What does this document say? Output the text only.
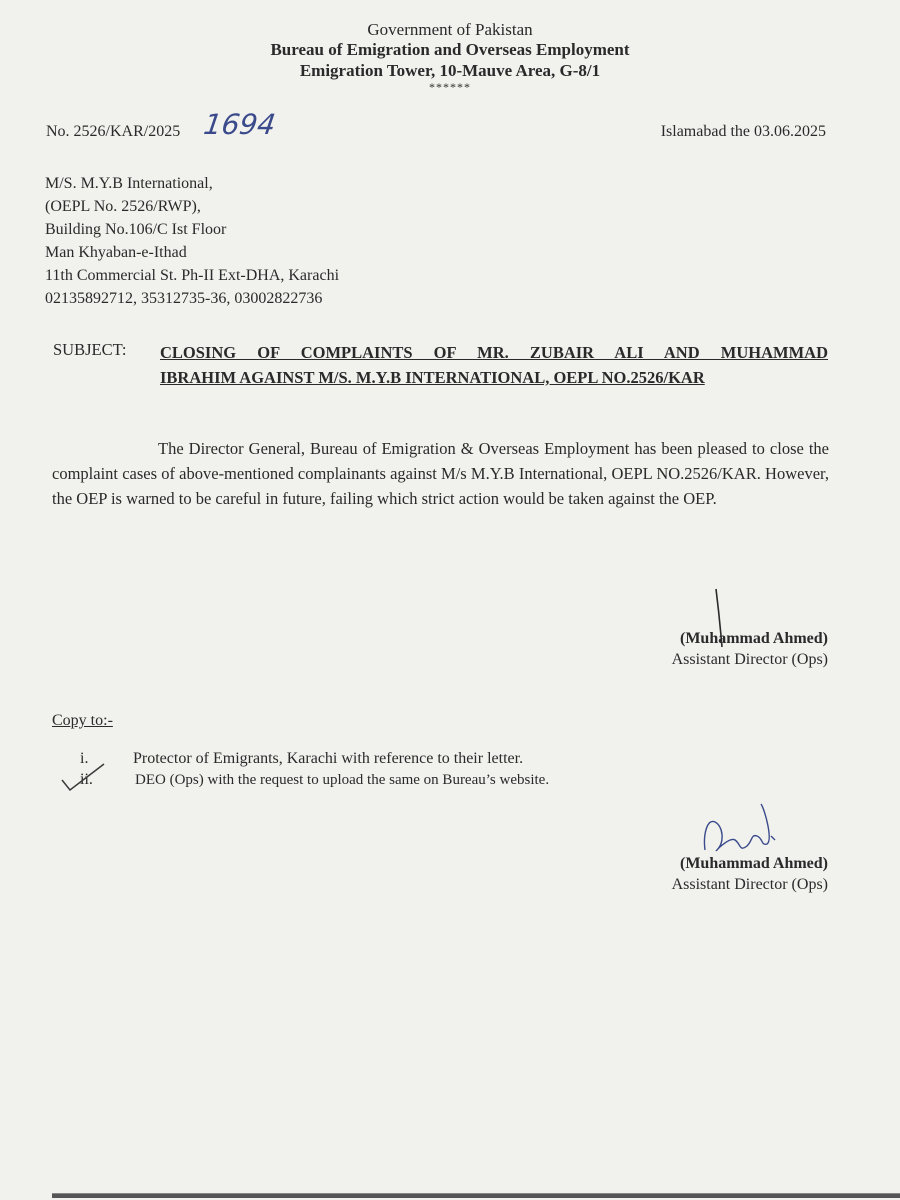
Government of Pakistan
Bureau of Emigration and Overseas Employment
Emigration Tower, 10-Mauve Area, G-8/1
******
No. 2526/KAR/2025 1694	Islamabad the 03.06.2025
M/S. M.Y.B International,
(OEPL No. 2526/RWP),
Building No.106/C Ist Floor
Man Khyaban-e-Ithad
11th Commercial St. Ph-II Ext-DHA, Karachi
02135892712, 35312735-36, 03002822736
SUBJECT: CLOSING OF COMPLAINTS OF MR. ZUBAIR ALI AND MUHAMMAD
IBRAHIM AGAINST M/S. M.Y.B INTERNATIONAL, OEPL NO.2526/KAR
The Director General, Bureau of Emigration & Overseas Employment has been pleased to close the complaint cases of above-mentioned complainants against M/s M.Y.B International, OEPL NO.2526/KAR. However, the OEP is warned to be careful in future, failing which strict action would be taken against the OEP.
(Muhammad Ahmed)
Assistant Director (Ops)
Copy to:-
i.	Protector of Emigrants, Karachi with reference to their letter.
ii.	DEO (Ops) with the request to upload the same on Bureau’s website.
(Muhammad Ahmed)
Assistant Director (Ops)
